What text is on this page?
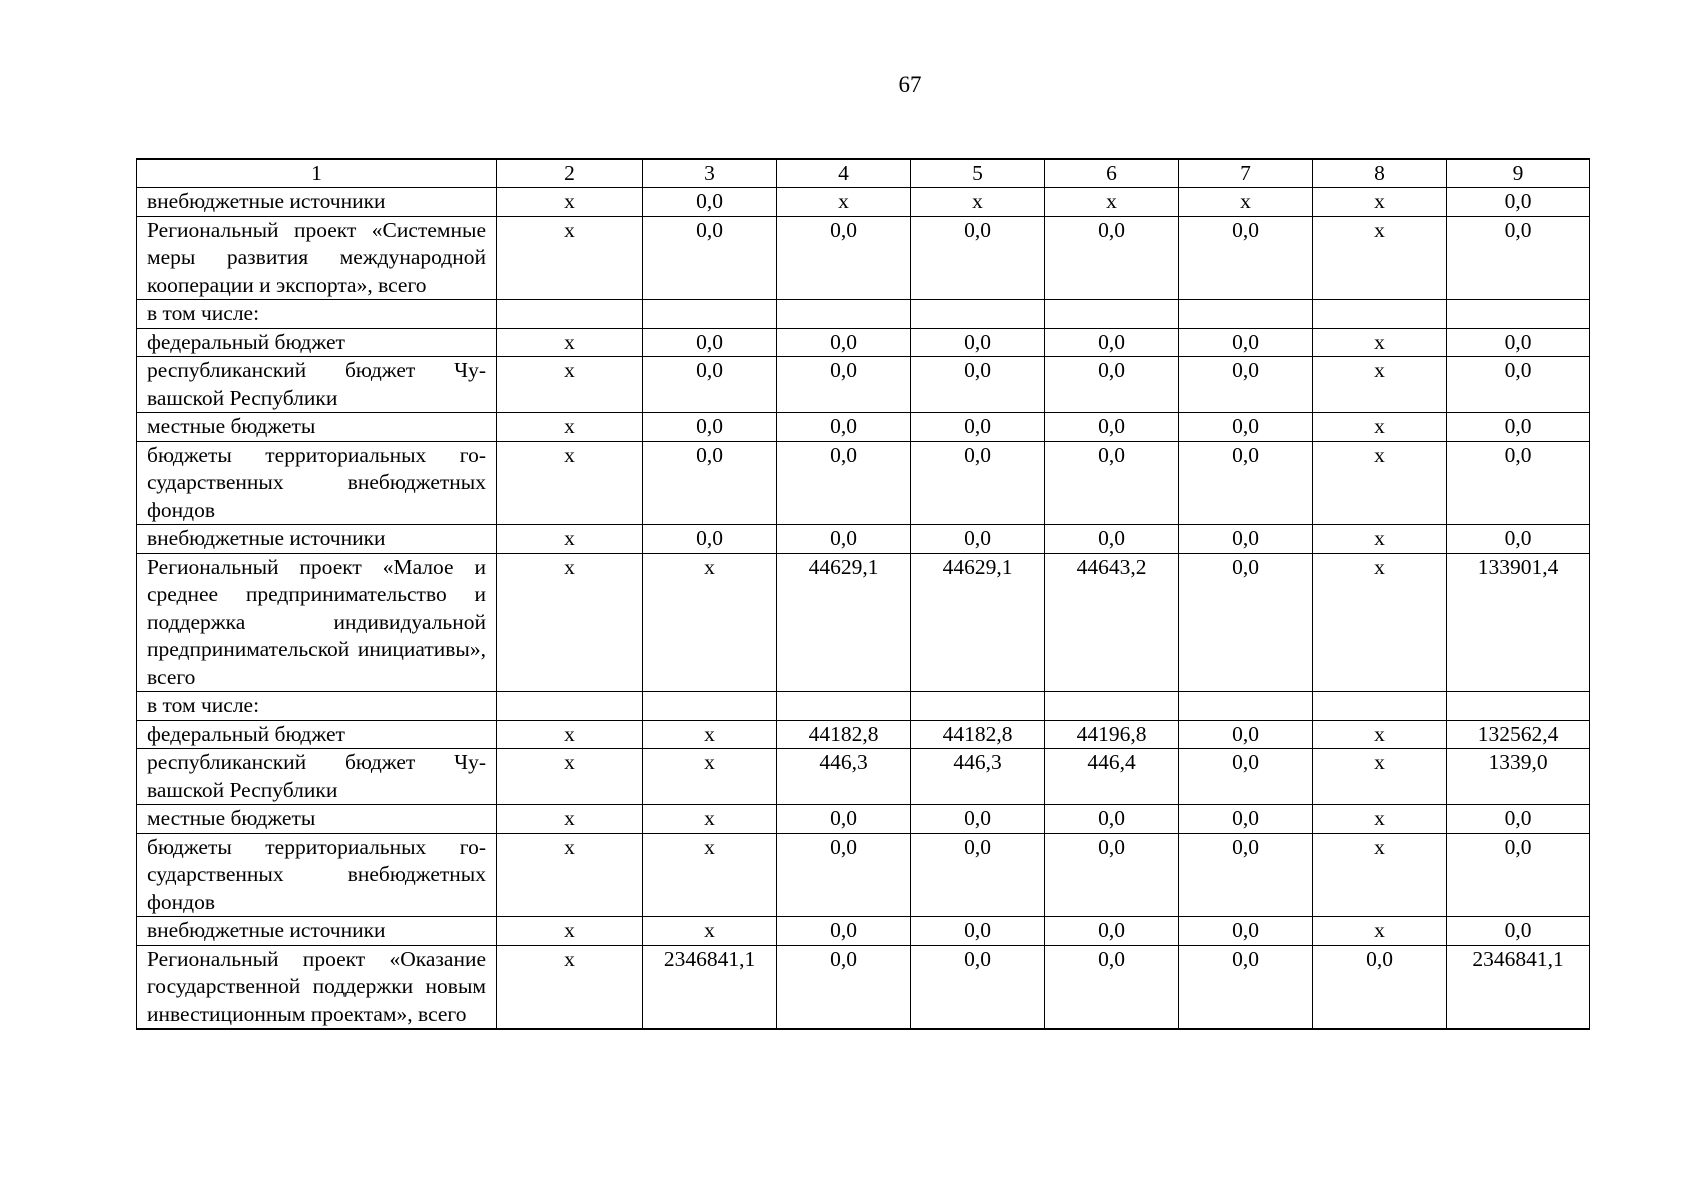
67
1	2	3	4	5	6	7	8	9
внебюджетные источники	х	0,0	х	х	х	х	х	0,0
Региональный проект «Системные меры развития международной кооперации и экспорта», всего	х	0,0	0,0	0,0	0,0	0,0	х	0,0
в том числе:								
федеральный бюджет	х	0,0	0,0	0,0	0,0	0,0	х	0,0
республиканский бюджет Чувашской Республики	х	0,0	0,0	0,0	0,0	0,0	х	0,0
местные бюджеты	х	0,0	0,0	0,0	0,0	0,0	х	0,0
бюджеты территориальных государственных внебюджетных фондов	х	0,0	0,0	0,0	0,0	0,0	х	0,0
внебюджетные источники	х	0,0	0,0	0,0	0,0	0,0	х	0,0
Региональный проект «Малое и среднее предпринимательство и поддержка индивидуальной предпринимательской инициативы», всего	х	х	44629,1	44629,1	44643,2	0,0	х	133901,4
в том числе:								
федеральный бюджет	х	х	44182,8	44182,8	44196,8	0,0	х	132562,4
республиканский бюджет Чувашской Республики	х	х	446,3	446,3	446,4	0,0	х	1339,0
местные бюджеты	х	х	0,0	0,0	0,0	0,0	х	0,0
бюджеты территориальных государственных внебюджетных фондов	х	х	0,0	0,0	0,0	0,0	х	0,0
внебюджетные источники	х	х	0,0	0,0	0,0	0,0	х	0,0
Региональный проект «Оказание государственной поддержки новым инвестиционным проектам», всего	х	2346841,1	0,0	0,0	0,0	0,0	0,0	2346841,1
